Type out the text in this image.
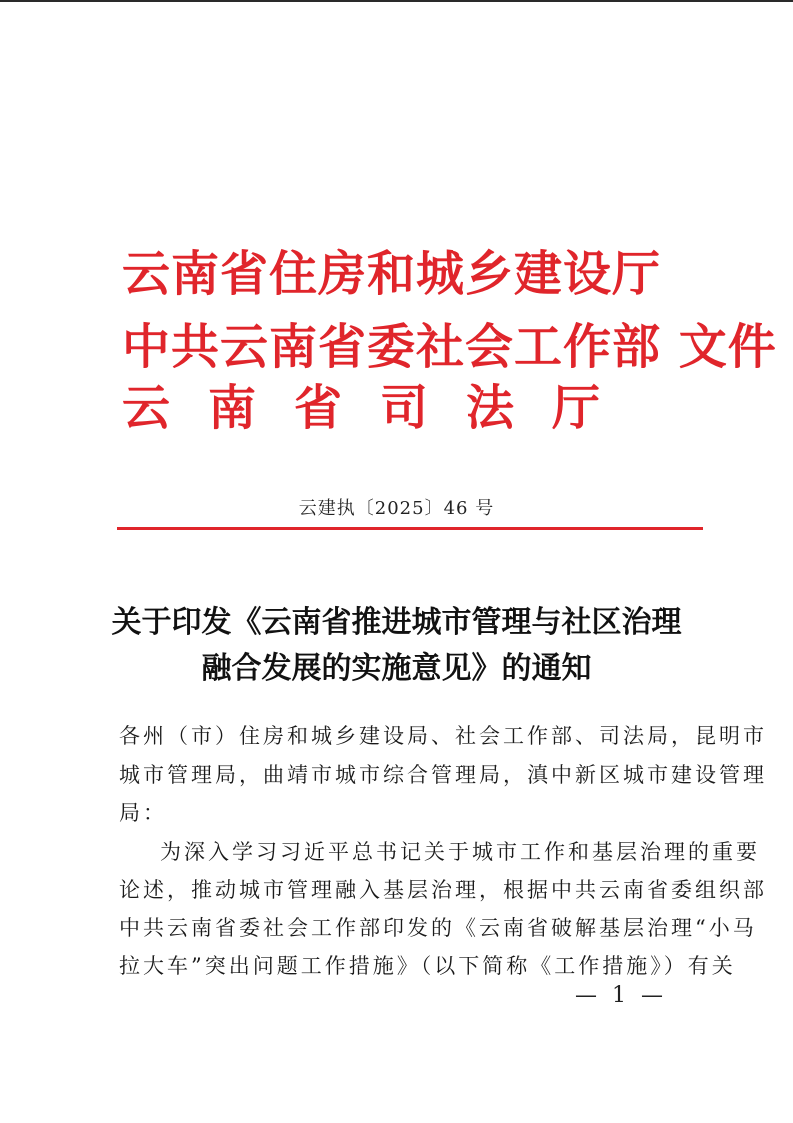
云南省住房和城乡建设厅
中共云南省委社会工作部 文件
云南省司法厅
云建执〔2025〕46 号
关于印发《云南省推进城市管理与社区治理
融合发展的实施意见》的通知
各州（市）住房和城乡建设局、社会工作部、司法局，昆明市
城市管理局，曲靖市城市综合管理局，滇中新区城市建设管理
局：
为深入学习习近平总书记关于城市工作和基层治理的重要
论述，推动城市管理融入基层治理，根据中共云南省委组织部
中共云南省委社会工作部印发的《云南省破解基层治理“小马
拉大车”突出问题工作措施》（以下简称《工作措施》）有关
— 1 —
